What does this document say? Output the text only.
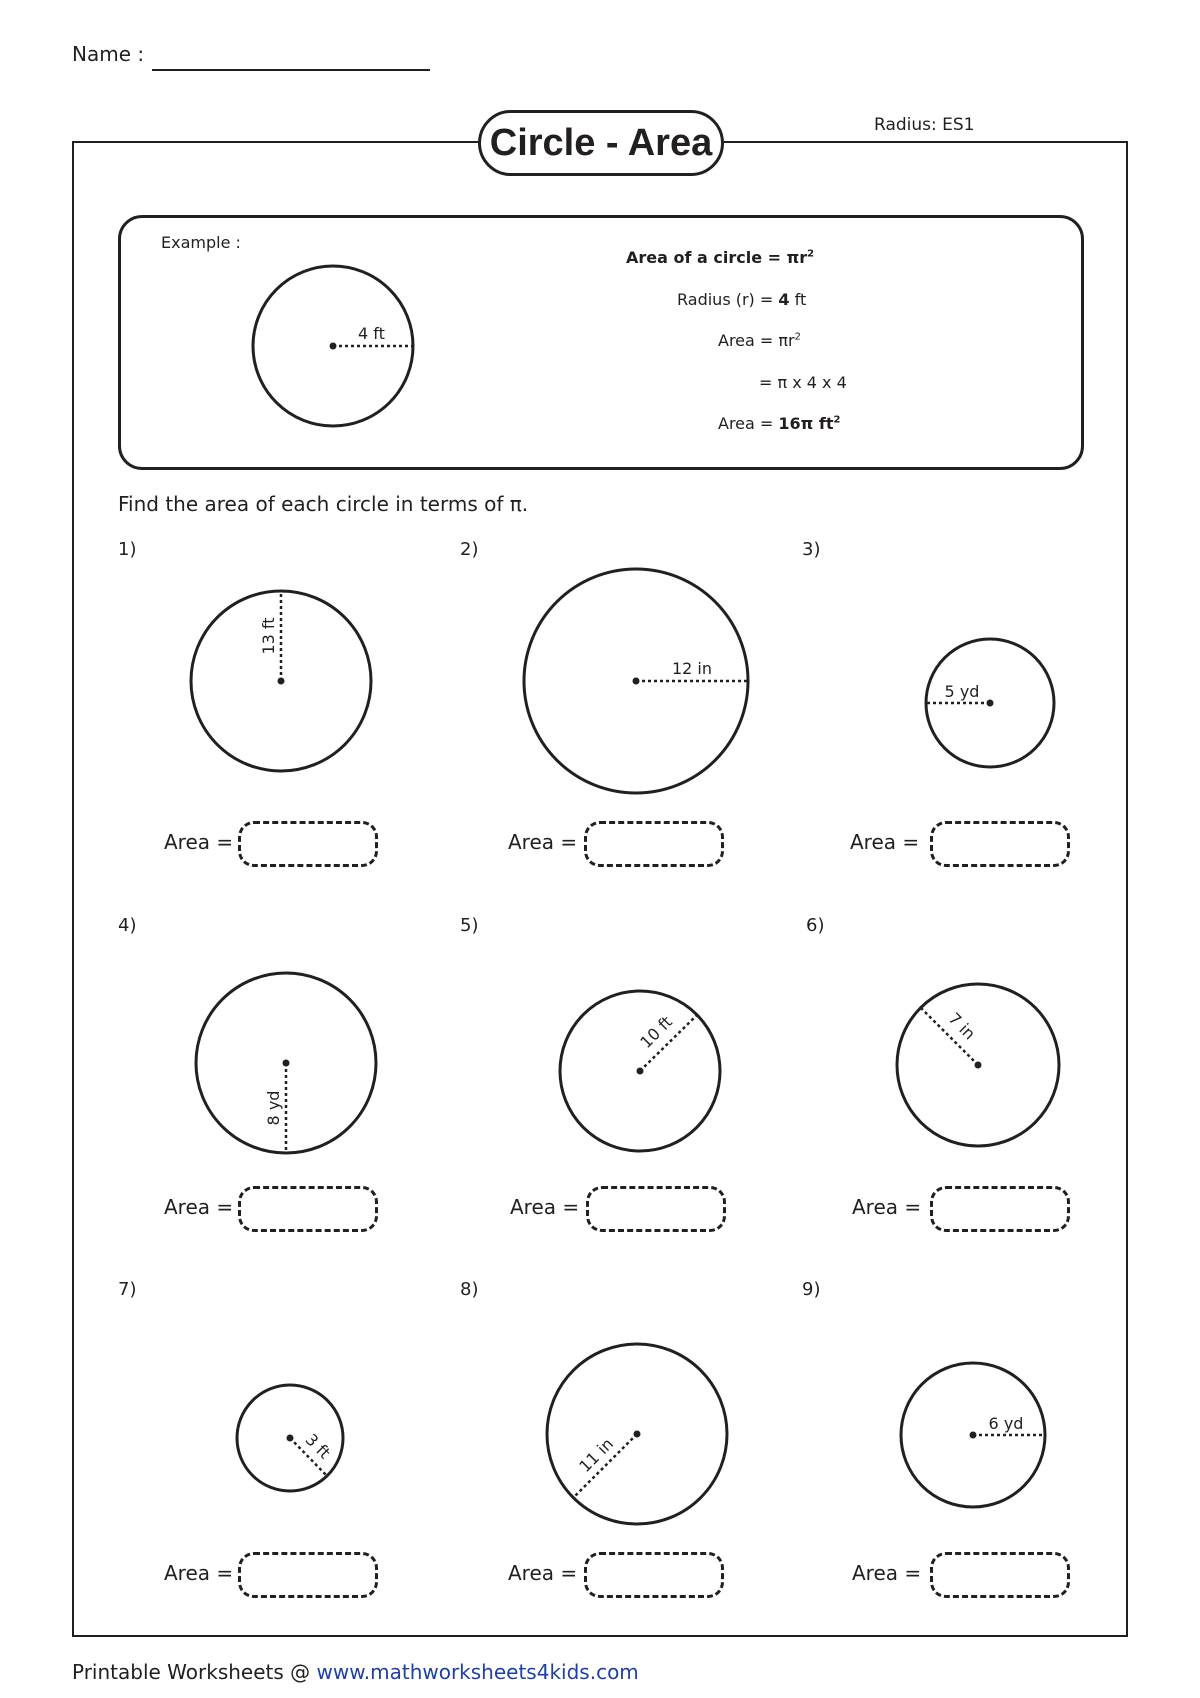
Name :
Circle - Area	Radius: ES1
Example :
Area of a circle = $\pi r^2$
Radius (r) = 4 ft
Area = $\pi r^2$
= π x 4 x 4
Area = 16π $ft^2$
Find the area of each circle in terms of π.
1)	2)	3)
4)	5)	6)
7)	8)	9)
Area =	Area =	Area =
Area =	Area =	Area =
Area =	Area =	Area =
4 ft
13 ft
12 in
5 yd
8 yd
10 ft	7 in
3 ft	11 in
6 yd
Printable Worksheets @ www.mathworksheets4kids.com
